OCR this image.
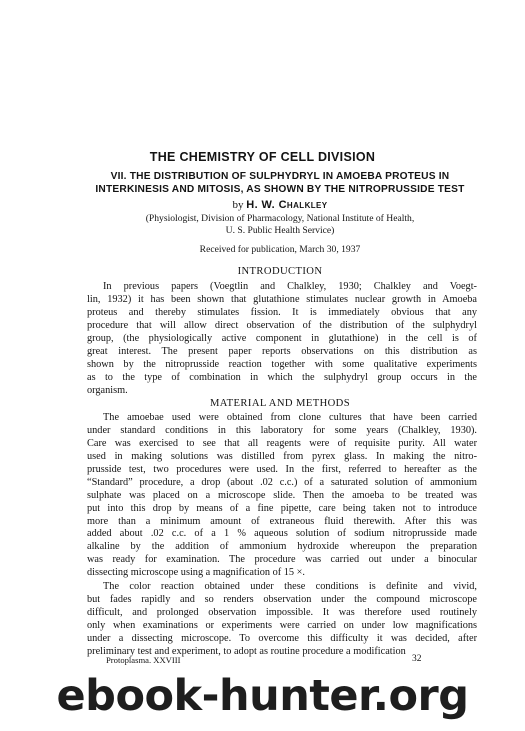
THE CHEMISTRY OF CELL DIVISION
VII. THE DISTRIBUTION OF SULPHYDRYL IN AMOEBA PROTEUS IN
INTERKINESIS AND MITOSIS, AS SHOWN BY THE NITROPRUSSIDE TEST
by H. W. Chalkley
(Physiologist, Division of Pharmacology, National Institute of Health,
U. S. Public Health Service)
Received for publication, March 30, 1937
INTRODUCTION
In previous papers (Voegtlin and Chalkley, 1930; Chalkley and Voegt-
lin, 1932) it has been shown that glutathione stimulates nuclear growth in Amoeba
proteus and thereby stimulates fission. It is immediately obvious that any
procedure that will allow direct observation of the distribution of the sulphydryl
group, (the physiologically active component in glutathione) in the cell is of
great interest. The present paper reports observations on this distribution as
shown by the nitroprusside reaction together with some qualitative experiments
as to the type of combination in which the sulphydryl group occurs in the
organism.
MATERIAL AND METHODS
The amoebae used were obtained from clone cultures that have been carried
under standard conditions in this laboratory for some years (Chalkley, 1930).
Care was exercised to see that all reagents were of requisite purity. All water
used in making solutions was distilled from pyrex glass. In making the nitro-
prusside test, two procedures were used. In the first, referred to hereafter as the
“Standard” procedure, a drop (about .02 c.c.) of a saturated solution of ammonium
sulphate was placed on a microscope slide. Then the amoeba to be treated was
put into this drop by means of a fine pipette, care being taken not to introduce
more than a minimum amount of extraneous fluid therewith. After this was
added about .02 c.c. of a 1 % aqueous solution of sodium nitroprusside made
alkaline by the addition of ammonium hydroxide whereupon the preparation
was ready for examination. The procedure was carried out under a binocular
dissecting microscope using a magnification of 15 ×.
The color reaction obtained under these conditions is definite and vivid,
but fades rapidly and so renders observation under the compound microscope
difficult, and prolonged observation impossible. It was therefore used routinely
only when examinations or experiments were carried on under low magnifications
under a dissecting microscope. To overcome this difficulty it was decided, after
preliminary test and experiment, to adopt as routine procedure a modification
Protoplasma. XXVIII	32
ebook-hunter.org
